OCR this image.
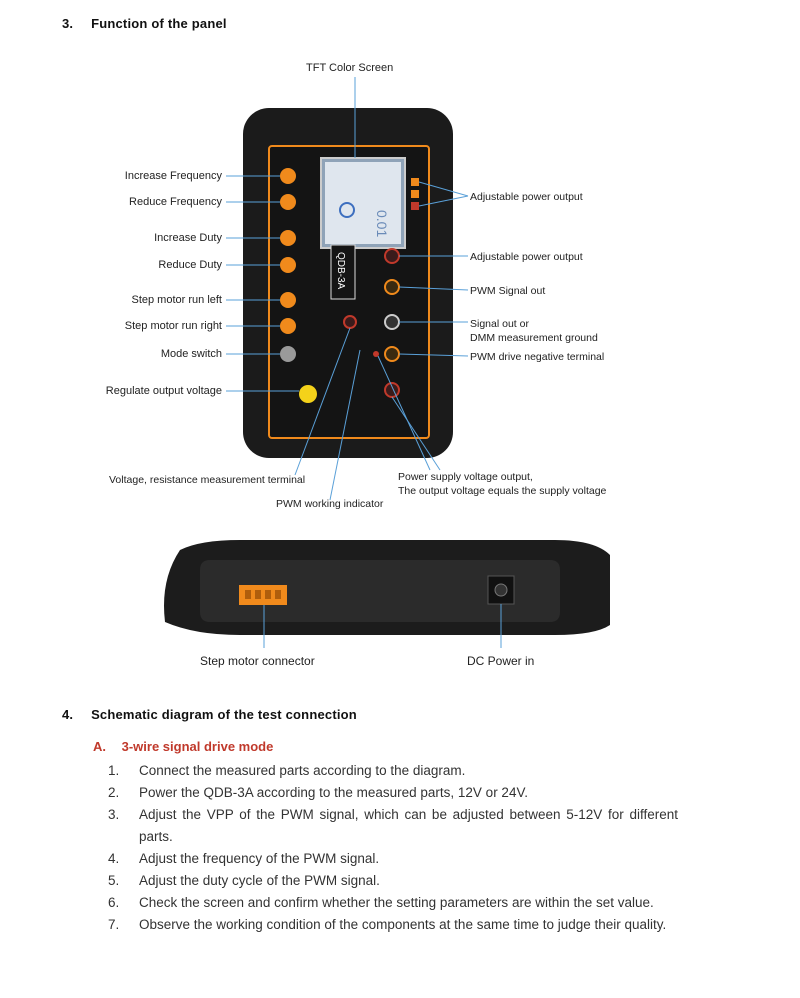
3. Function of the panel
0.01
QDB-3A
TFT Color Screen
Increase Frequency
Reduce Frequency
Increase Duty
Reduce Duty
Step motor run left
Step motor run right
Mode switch
Regulate output voltage
Adjustable power output
Adjustable power output
PWM Signal out
Signal out or
DMM measurement ground
PWM drive negative terminal
Voltage, resistance measurement terminal
PWM working indicator
Power supply voltage output,
The output voltage equals the supply voltage
Step motor connector	DC Power in
4. Schematic diagram of the test connection
A. 3-wire signal drive mode
1. Connect the measured parts according to the diagram.
2. Power the QDB-3A according to the measured parts, 12V or 24V.
3. Adjust the VPP of the PWM signal, which can be adjusted between 5-12V for different parts.
4. Adjust the frequency of the PWM signal.
5. Adjust the duty cycle of the PWM signal.
6. Check the screen and confirm whether the setting parameters are within the set value.
7. Observe the working condition of the components at the same time to judge their quality.
